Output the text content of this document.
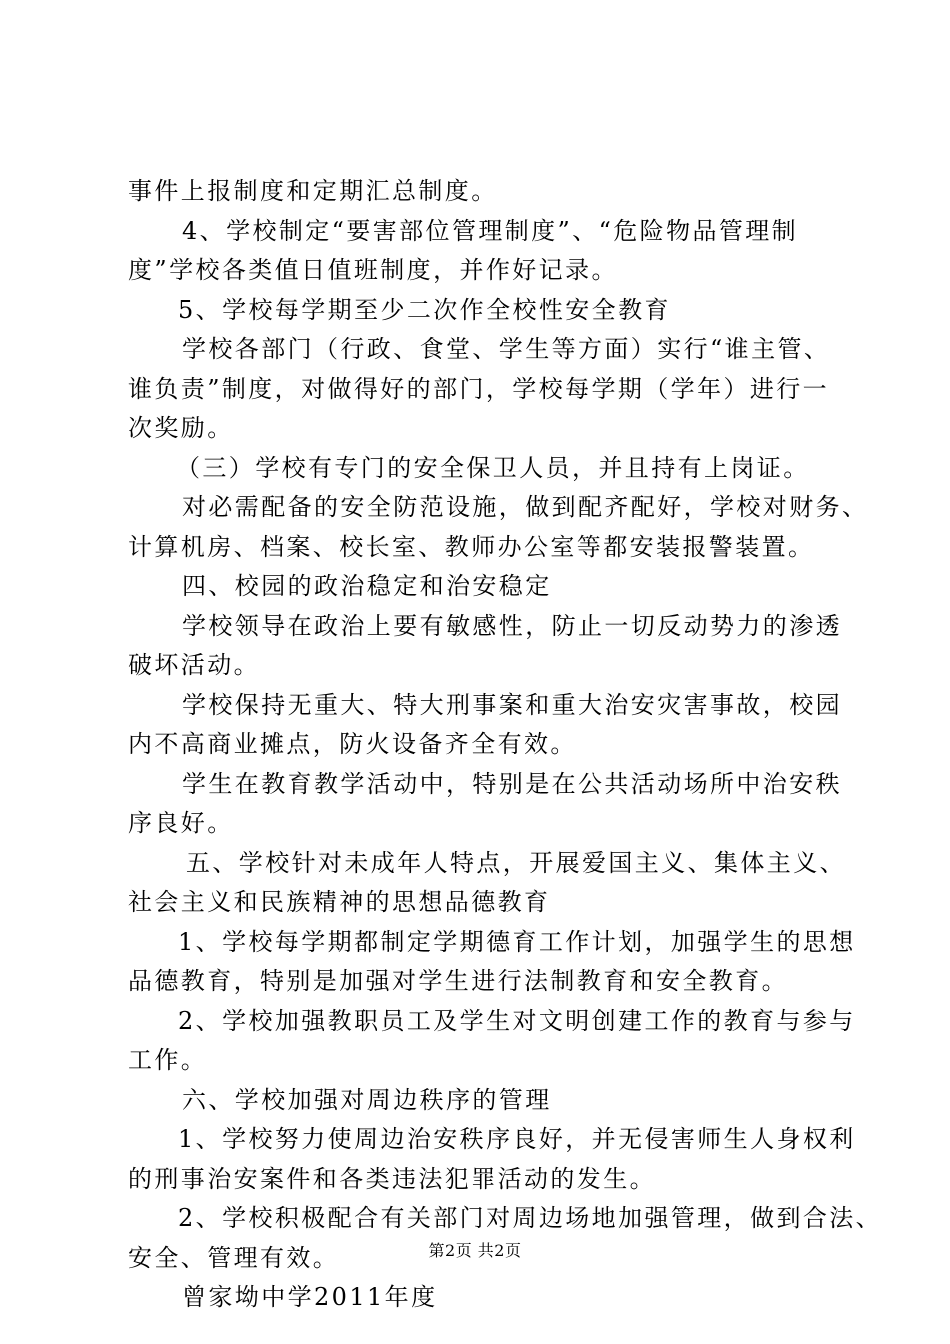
事件上报制度和定期汇总制度。
4、学校制定“要害部位管理制度”、“危险物品管理制
度”学校各类值日值班制度，并作好记录。
5、学校每学期至少二次作全校性安全教育
学校各部门（行政、食堂、学生等方面）实行“谁主管、
谁负责”制度，对做得好的部门，学校每学期（学年）进行一
次奖励。
（三）学校有专门的安全保卫人员，并且持有上岗证。
对必需配备的安全防范设施，做到配齐配好，学校对财务、
计算机房、档案、校长室、教师办公室等都安装报警装置。
四、校园的政治稳定和治安稳定
学校领导在政治上要有敏感性，防止一切反动势力的渗透
破坏活动。
学校保持无重大、特大刑事案和重大治安灾害事故，校园
内不高商业摊点，防火设备齐全有效。
学生在教育教学活动中，特别是在公共活动场所中治安秩
序良好。
五、学校针对未成年人特点，开展爱国主义、集体主义、
社会主义和民族精神的思想品德教育
1、学校每学期都制定学期德育工作计划，加强学生的思想
品德教育，特别是加强对学生进行法制教育和安全教育。
2、学校加强教职员工及学生对文明创建工作的教育与参与
工作。
六、学校加强对周边秩序的管理
1、学校努力使周边治安秩序良好，并无侵害师生人身权利
的刑事治安案件和各类违法犯罪活动的发生。
2、学校积极配合有关部门对周边场地加强管理，做到合法、
安全、管理有效。
曾家坳中学2011年度
第2页 共2页
